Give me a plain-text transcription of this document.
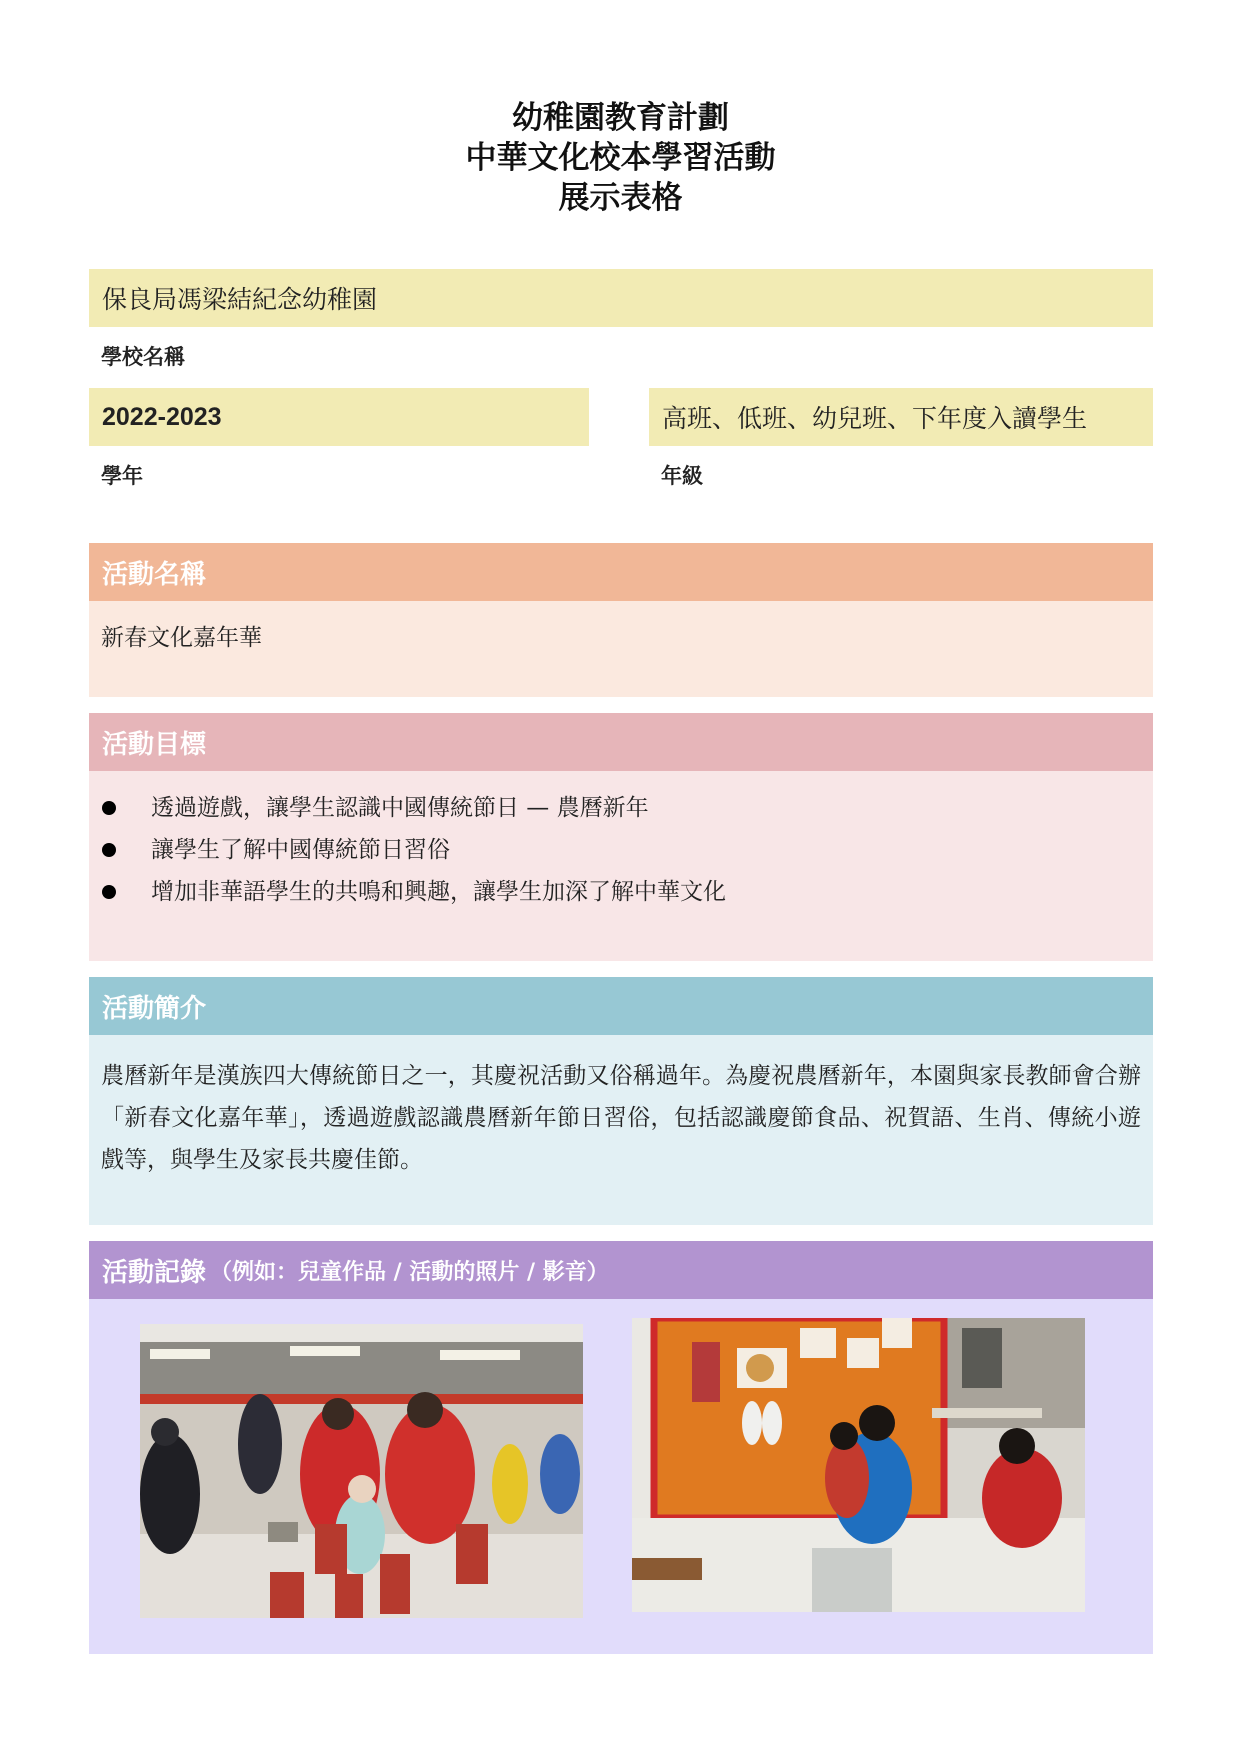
幼稚園教育計劃
中華文化校本學習活動
展示表格
保良局馮梁結紀念幼稚園
學校名稱
2022-2023
學年
高班、低班、幼兒班、下年度入讀學生
年級
活動名稱
新春文化嘉年華
活動目標
透過遊戲，讓學生認識中國傳統節日 — 農曆新年
讓學生了解中國傳統節日習俗
增加非華語學生的共鳴和興趣，讓學生加深了解中華文化
活動簡介
農曆新年是漢族四大傳統節日之一，其慶祝活動又俗稱過年。為慶祝農曆新年，本園與家長教師會合辦「新春文化嘉年華」，透過遊戲認識農曆新年節日習俗，包括認識慶節食品、祝賀語、生肖、傳統小遊戲等，與學生及家長共慶佳節。
活動記錄 （例如：兒童作品 / 活動的照片 / 影音）
